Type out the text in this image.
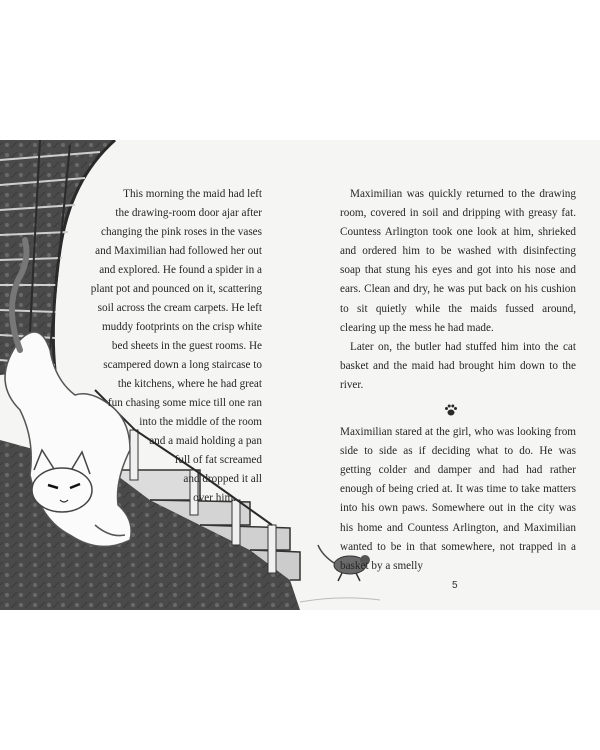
This morning the maid had left
the drawing-room door ajar after
changing the pink roses in the vases
and Maximilian had followed her out
and explored. He found a spider in a
plant pot and pounced on it, scattering
soil across the cream carpets. He left
muddy footprints on the crisp white
bed sheets in the guest rooms. He
scampered down a long staircase to
the kitchens, where he had great
fun chasing some mice till one ran
into the middle of the room
and a maid holding a pan
full of fat screamed
and dropped it all
over him.

Maximilian was quickly returned to the drawing room, covered in soil and dripping with greasy fat. Countess Arlington took one look at him, shrieked and ordered him to be washed with disinfecting soap that stung his eyes and got into his nose and ears. Clean and dry, he was put back on his cushion to sit quietly while the maids fussed around, clearing up the mess he had made.

Later on, the butler had stuffed him into the cat basket and the maid had brought him down to the river.

Maximilian stared at the girl, who was looking from side to side as if deciding what to do. He was getting colder and damper and had had rather enough of being cried at. It was time to take matters into his own paws. Somewhere out in the city was his home and Countess Arlington, and Maximilian wanted to be in that somewhere, not trapped in a basket by a smelly

5
